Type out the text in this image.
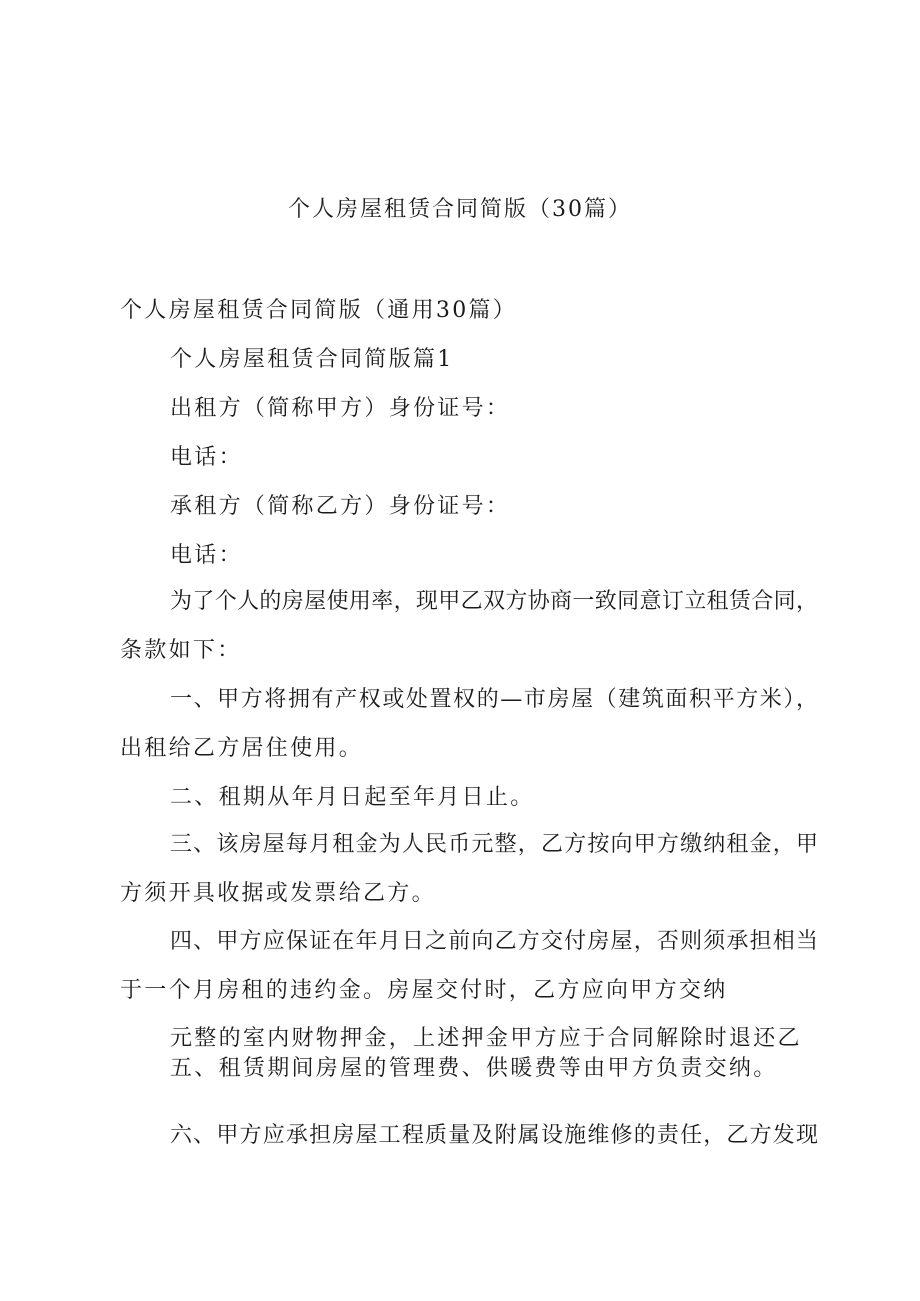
个人房屋租赁合同简版（30篇）
个人房屋租赁合同简版（通用30篇）
个人房屋租赁合同简版篇1
出租方（简称甲方）身份证号：
电话：
承租方（简称乙方）身份证号：
电话：
为了个人的房屋使用率，现甲乙双方协商一致同意订立租赁合同，
条款如下：
一、甲方将拥有产权或处置权的—市房屋（建筑面积平方米），
出租给乙方居住使用。
二、租期从年月日起至年月日止。
三、该房屋每月租金为人民币元整，乙方按向甲方缴纳租金，甲
方须开具收据或发票给乙方。
四、甲方应保证在年月日之前向乙方交付房屋，否则须承担相当
于一个月房租的违约金。房屋交付时，乙方应向甲方交纳
元整的室内财物押金，上述押金甲方应于合同解除时退还乙
五、租赁期间房屋的管理费、供暖费等由甲方负责交纳。
六、甲方应承担房屋工程质量及附属设施维修的责任，乙方发现
